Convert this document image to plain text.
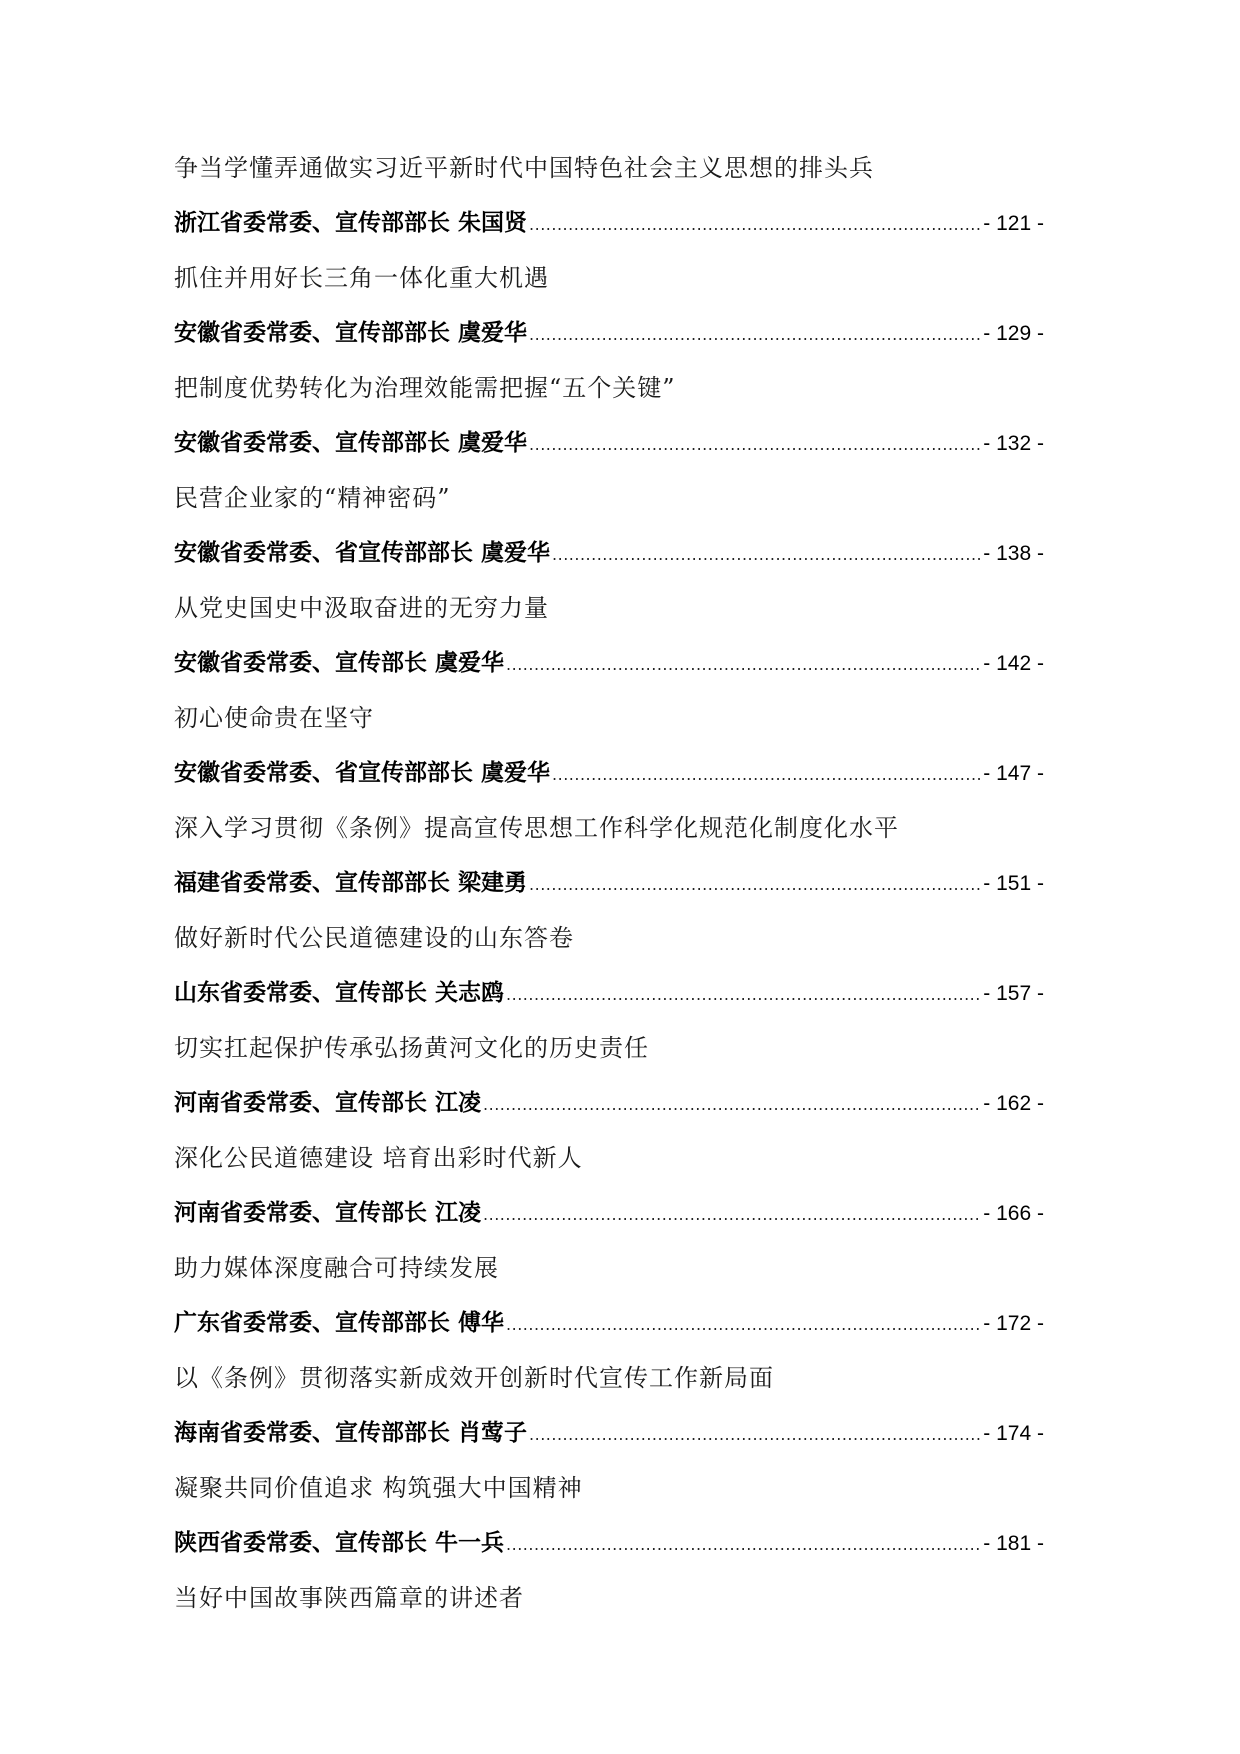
争当学懂弄通做实习近平新时代中国特色社会主义思想的排头兵
浙江省委常委、宣传部部长 朱国贤 .....	- 121 -
抓住并用好长三角一体化重大机遇
安徽省委常委、宣传部部长 虞爱华 .....	- 129 -
把制度优势转化为治理效能需把握“五个关键”
安徽省委常委、宣传部部长 虞爱华 .....	- 132 -
民营企业家的“精神密码”
安徽省委常委、省宣传部部长 虞爱华 .....	- 138 -
从党史国史中汲取奋进的无穷力量
安徽省委常委、宣传部长 虞爱华 .....	- 142 -
初心使命贵在坚守
安徽省委常委、省宣传部部长 虞爱华 .....	- 147 -
深入学习贯彻《条例》提高宣传思想工作科学化规范化制度化水平
福建省委常委、宣传部部长 梁建勇 .....	- 151 -
做好新时代公民道德建设的山东答卷
山东省委常委、宣传部长 关志鸥 .....	- 157 -
切实扛起保护传承弘扬黄河文化的历史责任
河南省委常委、宣传部长 江凌 .....	- 162 -
深化公民道德建设 培育出彩时代新人
河南省委常委、宣传部长 江凌 .....	- 166 -
助力媒体深度融合可持续发展
广东省委常委、宣传部部长 傅华 .....	- 172 -
以《条例》贯彻落实新成效开创新时代宣传工作新局面
海南省委常委、宣传部部长 肖莺子 .....	- 174 -
凝聚共同价值追求 构筑强大中国精神
陕西省委常委、宣传部长 牛一兵 .....	- 181 -
当好中国故事陕西篇章的讲述者
